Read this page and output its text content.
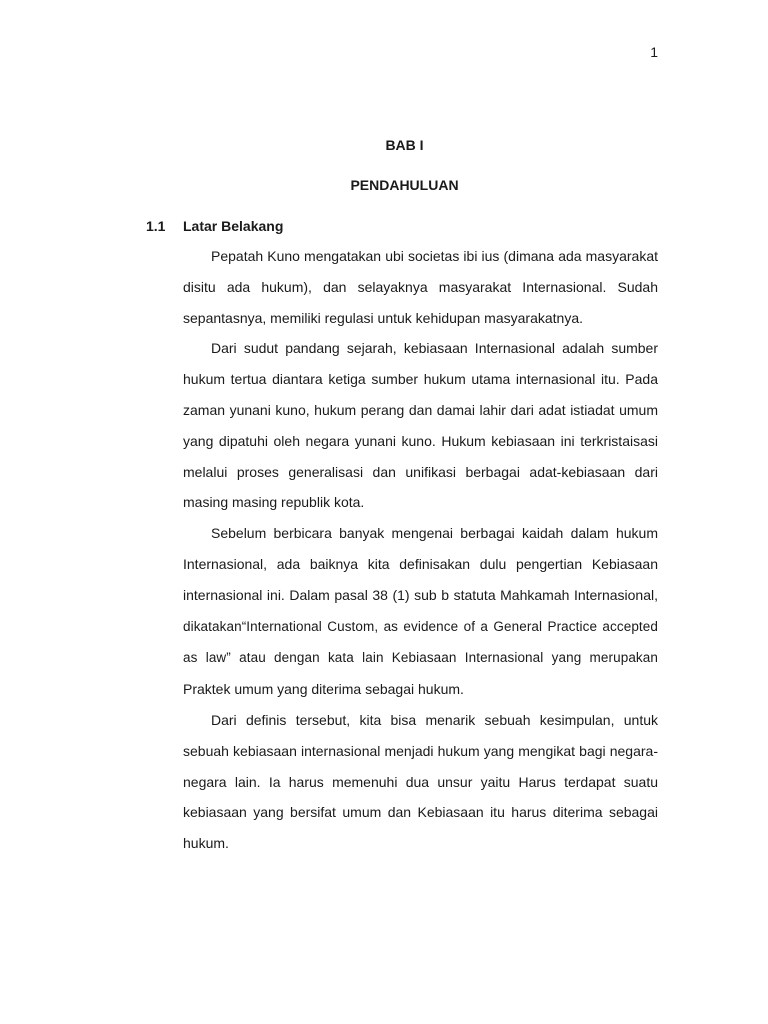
1
BAB I
PENDAHULUAN
1.1 Latar Belakang

Pepatah Kuno mengatakan ubi societas ibi ius (dimana ada masyarakat disitu ada hukum), dan selayaknya masyarakat Internasional. Sudah sepantasnya, memiliki regulasi untuk kehidupan masyarakatnya.

Dari sudut pandang sejarah, kebiasaan Internasional adalah sumber hukum tertua diantara ketiga sumber hukum utama internasional itu. Pada zaman yunani kuno, hukum perang dan damai lahir dari adat istiadat umum yang dipatuhi oleh negara yunani kuno. Hukum kebiasaan ini terkristaisasi melalui proses generalisasi dan unifikasi berbagai adat-kebiasaan dari masing masing republik kota.

Sebelum berbicara banyak mengenai berbagai kaidah dalam hukum Internasional, ada baiknya kita definisakan dulu pengertian Kebiasaan internasional ini. Dalam pasal 38 (1) sub b statuta Mahkamah Internasional, dikatakan“International Custom, as evidence of a General Practice accepted as law” atau dengan kata lain Kebiasaan Internasional yang merupakan Praktek umum yang diterima sebagai hukum.

Dari definis tersebut, kita bisa menarik sebuah kesimpulan, untuk sebuah kebiasaan internasional menjadi hukum yang mengikat bagi negara-negara lain. Ia harus memenuhi dua unsur yaitu Harus terdapat suatu kebiasaan yang bersifat umum dan Kebiasaan itu harus diterima sebagai hukum.
